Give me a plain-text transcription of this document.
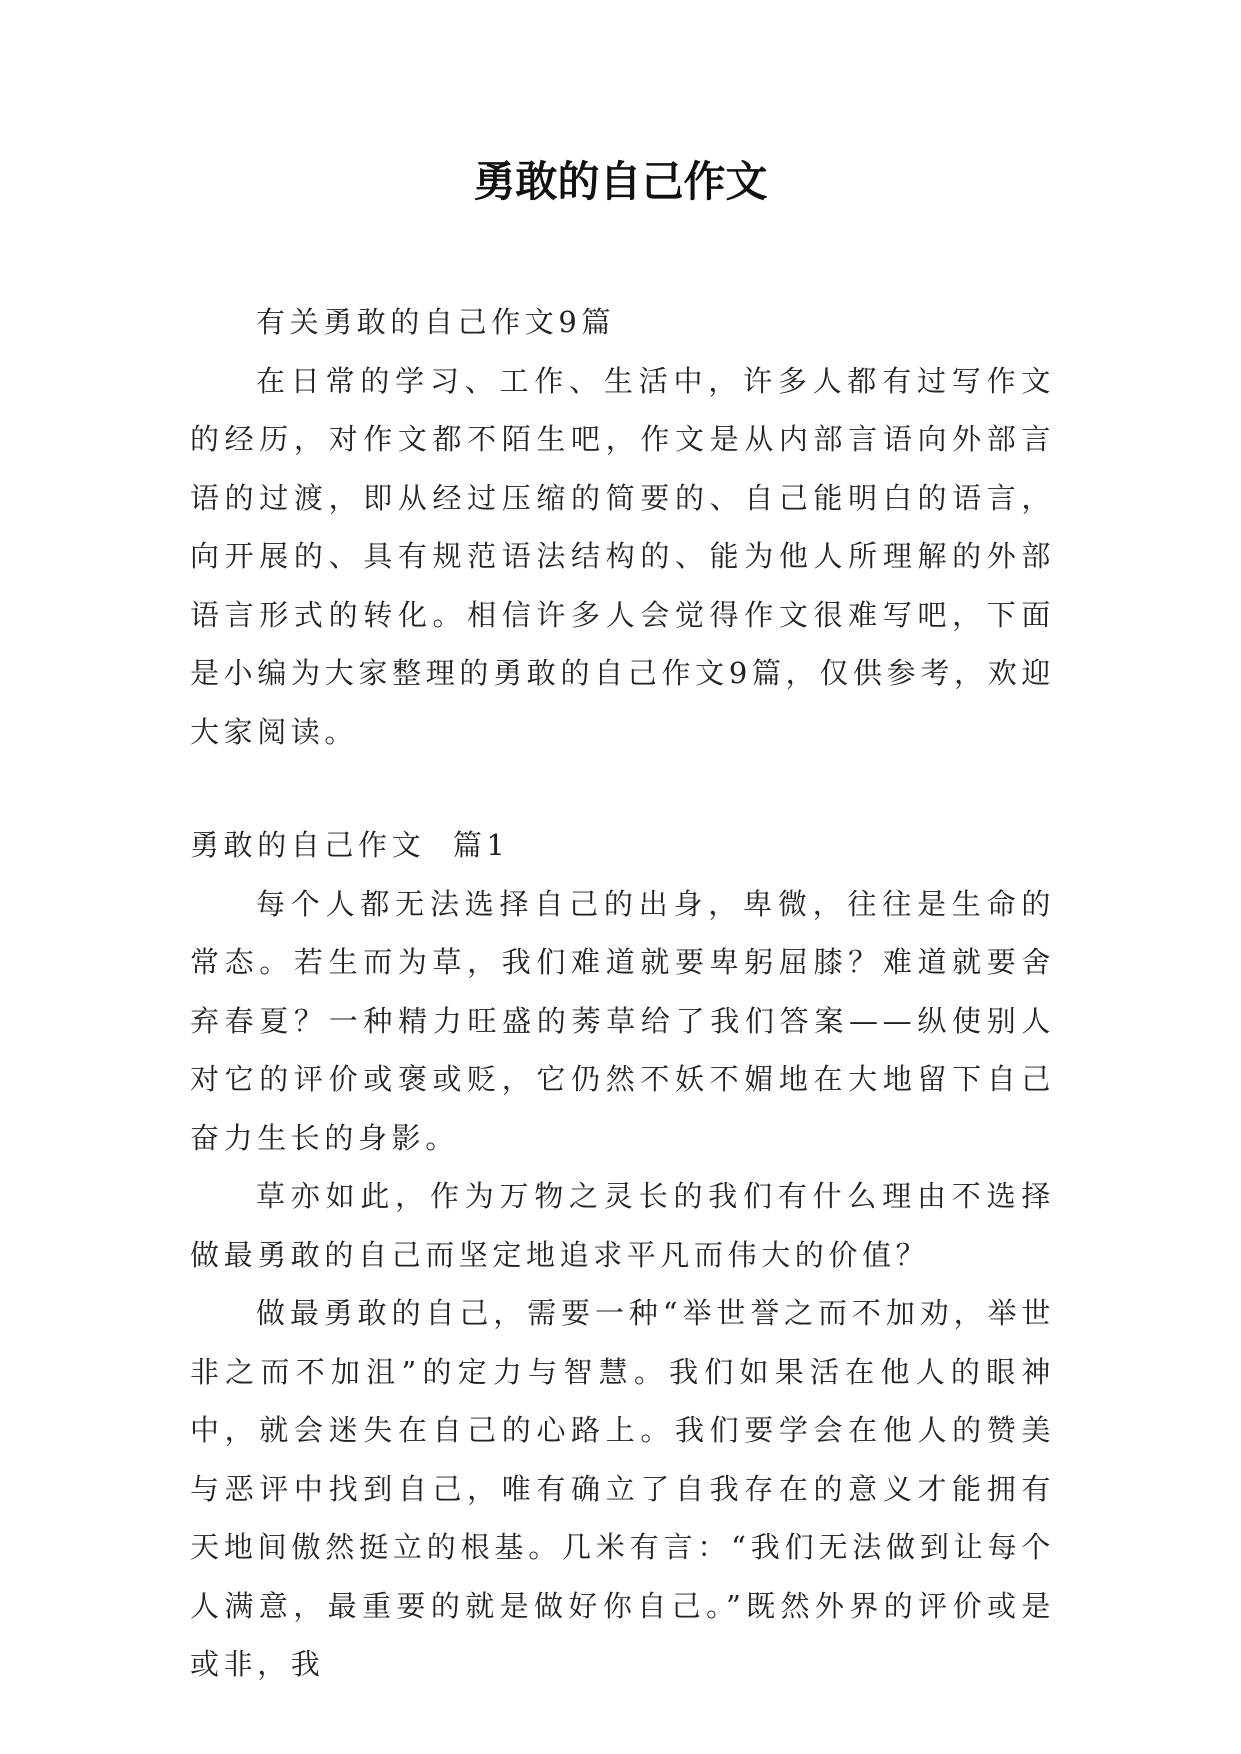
勇敢的自己作文

有关勇敢的自己作文9篇

在日常的学习、工作、生活中，许多人都有过写作文的经历，对作文都不陌生吧，作文是从内部言语向外部言语的过渡，即从经过压缩的简要的、自己能明白的语言，向开展的、具有规范语法结构的、能为他人所理解的外部语言形式的转化。相信许多人会觉得作文很难写吧，下面是小编为大家整理的勇敢的自己作文9篇，仅供参考，欢迎大家阅读。

勇敢的自己作文  篇1

每个人都无法选择自己的出身，卑微，往往是生命的常态。若生而为草，我们难道就要卑躬屈膝？难道就要舍弃春夏？一种精力旺盛的莠草给了我们答案——纵使别人对它的评价或褒或贬，它仍然不妖不媚地在大地留下自己奋力生长的身影。

草亦如此，作为万物之灵长的我们有什么理由不选择做最勇敢的自己而坚定地追求平凡而伟大的价值？

做最勇敢的自己，需要一种“举世誉之而不加劝，举世非之而不加沮”的定力与智慧。我们如果活在他人的眼神中，就会迷失在自己的心路上。我们要学会在他人的赞美与恶评中找到自己，唯有确立了自我存在的意义才能拥有天地间傲然挺立的根基。几米有言：“我们无法做到让每个人满意，最重要的就是做好你自己。”既然外界的评价或是或非，我
